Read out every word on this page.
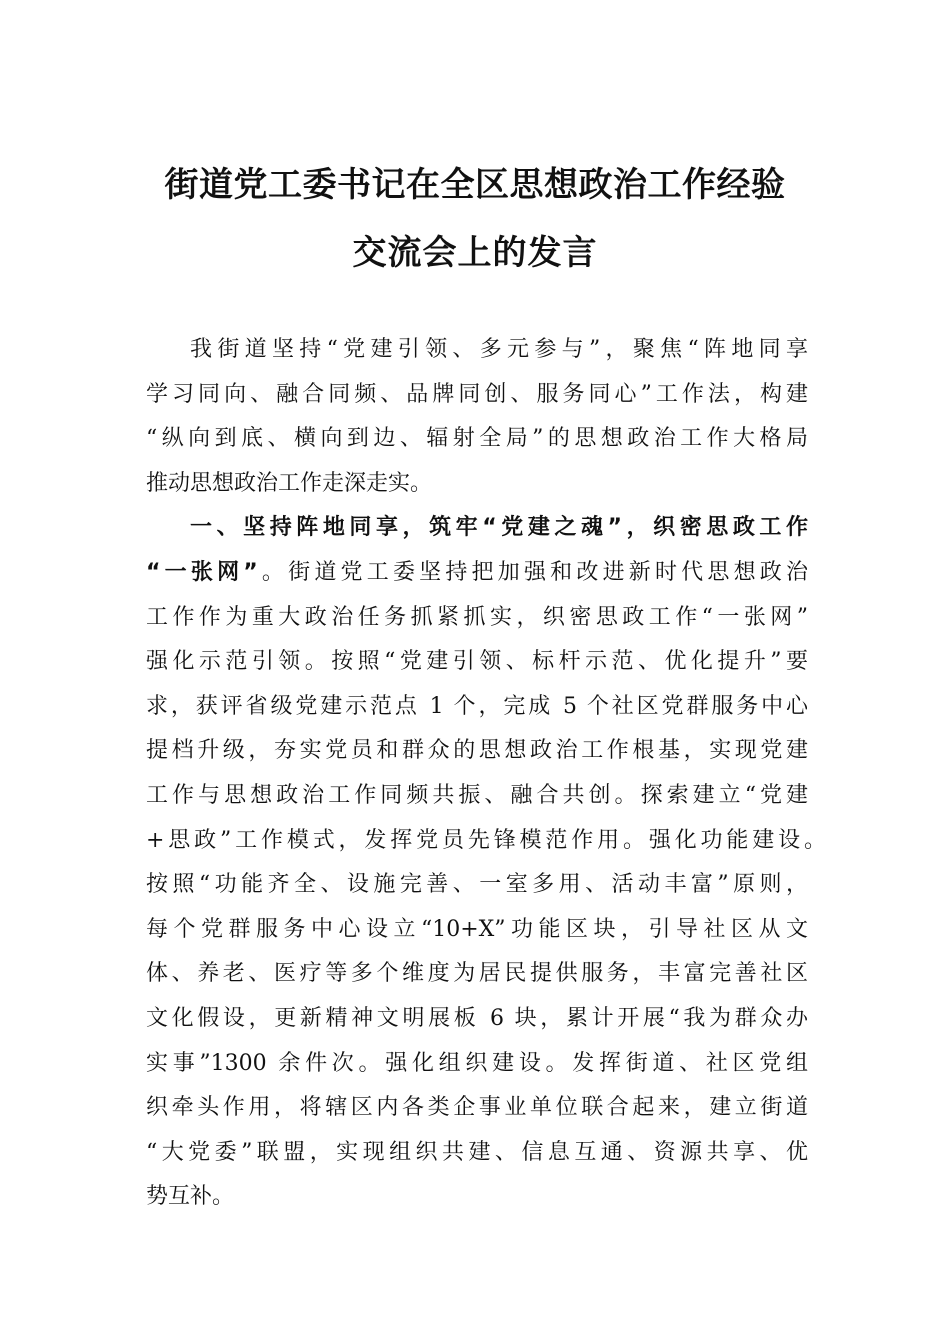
街道党工委书记在全区思想政治工作经验
交流会上的发言
我街道坚持“党建引领、多元参与”，聚焦“阵地同享
学习同向、融合同频、品牌同创、服务同心”工作法，构建
“纵向到底、横向到边、辐射全局”的思想政治工作大格局
推动思想政治工作走深走实。
一、坚持阵地同享，筑牢“党建之魂”，织密思政工作
“一张网”。街道党工委坚持把加强和改进新时代思想政治
工作作为重大政治任务抓紧抓实，织密思政工作“一张网”
强化示范引领。按照“党建引领、标杆示范、优化提升”要
求，获评省级党建示范点 1 个，完成 5 个社区党群服务中心
提档升级，夯实党员和群众的思想政治工作根基，实现党建
工作与思想政治工作同频共振、融合共创。探索建立“党建
+思政”工作模式，发挥党员先锋模范作用。强化功能建设。
按照“功能齐全、设施完善、一室多用、活动丰富”原则，
每个党群服务中心设立“10+X”功能区块，引导社区从文
体、养老、医疗等多个维度为居民提供服务，丰富完善社区
文化假设，更新精神文明展板 6 块，累计开展“我为群众办
实事”1300 余件次。强化组织建设。发挥街道、社区党组
织牵头作用，将辖区内各类企事业单位联合起来，建立街道
“大党委”联盟，实现组织共建、信息互通、资源共享、优
势互补。
